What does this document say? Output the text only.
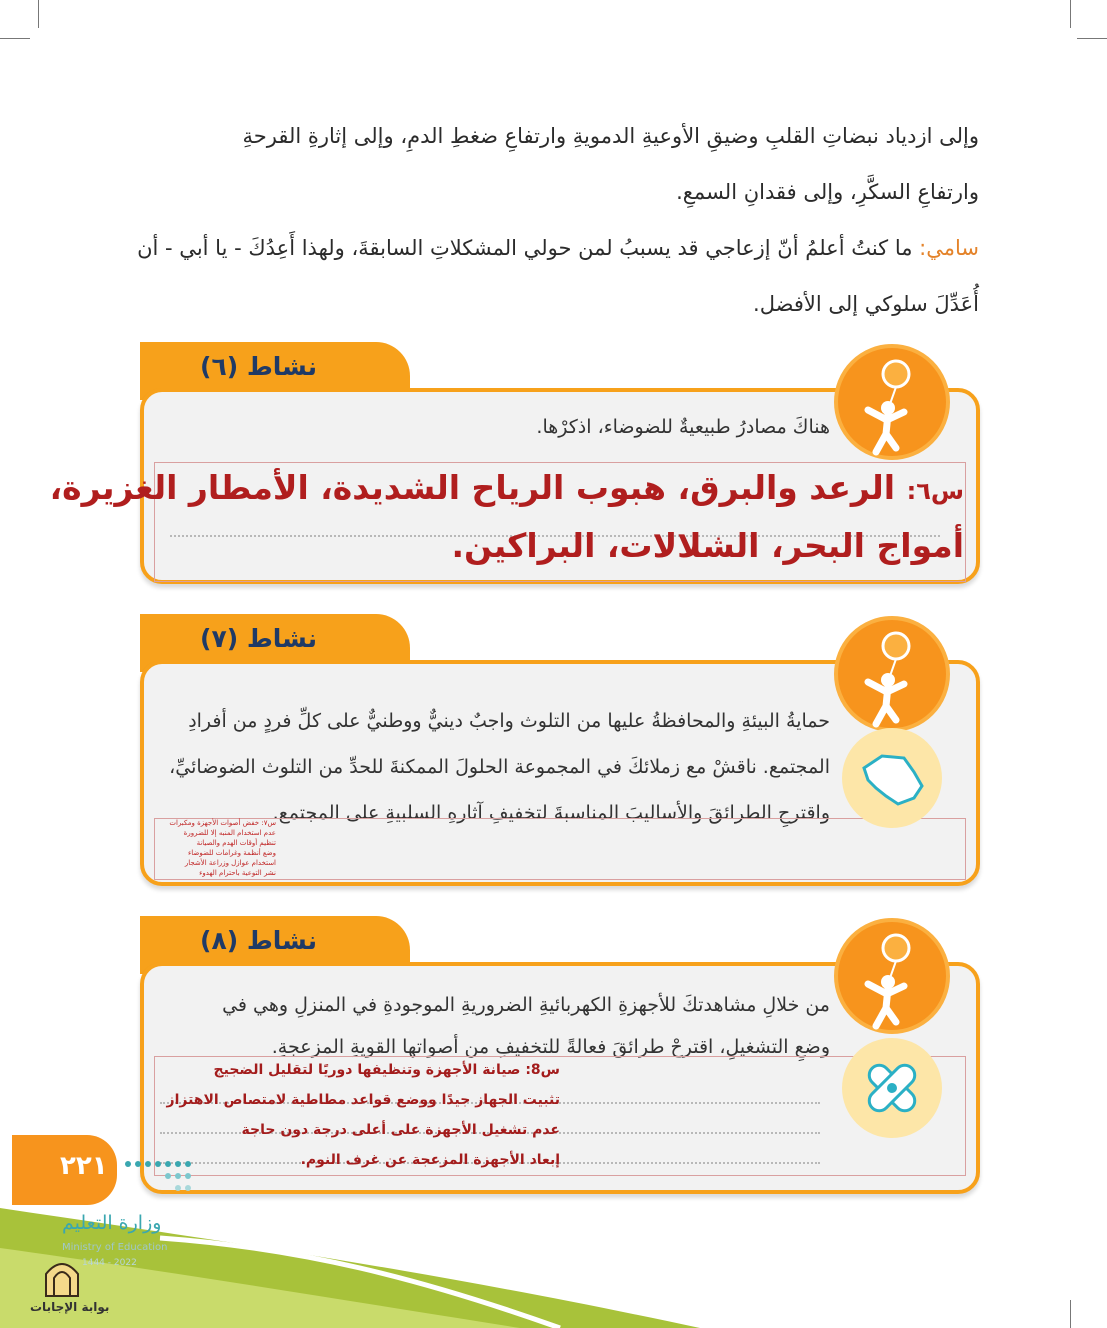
وإلى ازدياد نبضاتِ القلبِ وضيقِ الأوعيةِ الدمويةِ وارتفاعِ ضغطِ الدمِ، وإلى إثارةِ القرحةِ

وارتفاعِ السكَّرِ، وإلى فقدانِ السمعِ.

سامي: ما كنتُ أعلمُ أنّ إزعاجي قد يسببُ لمن حولي المشكلاتِ السابقةَ، ولهذا أَعِدُكَ - يا أبي - أن

أُعَدِّلَ سلوكي إلى الأفضل.

نشاط (٦)
هناكَ مصادرُ طبيعيةٌ للضوضاء، اذكرْها.
س٦: الرعد والبرق، هبوب الرياح الشديدة، الأمطار الغزيرة،
أمواج البحر، الشلالات، البراكين.
نشاط (٧)
حمايةُ البيئةِ والمحافظةُ عليها من التلوث واجبٌ دينيٌّ ووطنيٌّ على كلِّ فردٍ من أفرادِ
المجتمع. ناقشْ مع زملائكَ في المجموعة الحلولَ الممكنةَ للحدِّ من التلوث الضوضائيِّ،
واقترحِ الطرائقَ والأساليبَ المناسبةَ لتخفيفِ آثارهِ السلبيةِ على المجتمع.
س٧: خفض أصوات الأجهزة ومكبرات
عدم استخدام المنبه إلا للضرورة
تنظيم أوقات الهدم والصيانة
وضع أنظمة وغرامات للضوضاء
استخدام عوازل وزراعة الأشجار
نشر التوعية باحترام الهدوء
نشاط (٨)
من خلالِ مشاهدتكَ للأجهزةِ الكهربائيةِ الضروريةِ الموجودةِ في المنزلِ وهي في
وضعِ التشغيلِ، اقترحْ طرائقَ فعالةً للتخفيفِ من أصواتها القويةِ المزعجةِ.
س8: صيانة الأجهزة وتنظيفها دوريًا لتقليل الضجيج
تثبيت الجهاز جيدًا ووضع قواعد مطاطية لامتصاص الاهتزاز
عدم تشغيل الأجهزة على أعلى درجة دون حاجة
إبعاد الأجهزة المزعجة عن غرف النوم.
٢٢١
وزارة التعليم
Ministry of Education
2022 - 1444
بوابة الإجابات
